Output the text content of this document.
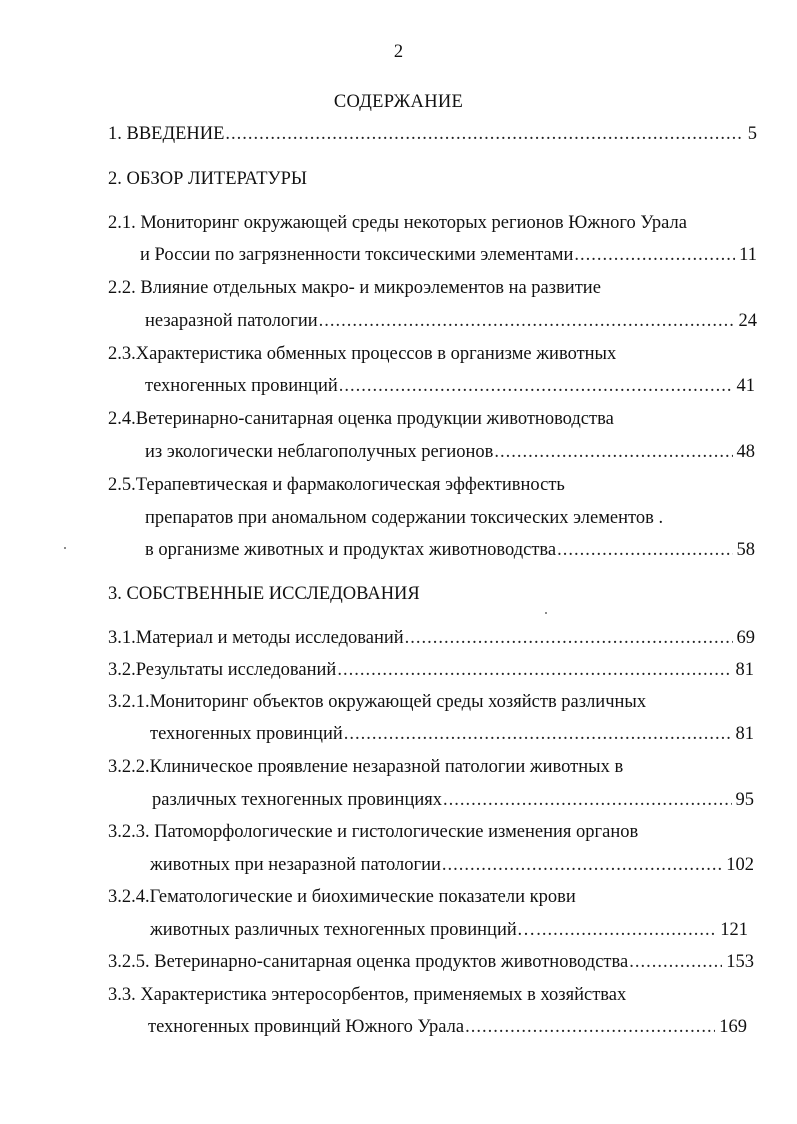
2
СОДЕРЖАНИЕ
1. ВВЕДЕНИЕ .....	5
2. ОБЗОР ЛИТЕРАТУРЫ
2.1. Мониторинг окружающей среды некоторых регионов Южного Урала
и России по загрязненности токсическими элементами .....	11
2.2. Влияние отдельных макро- и микроэлементов на развитие
незаразной патологии .....	24
2.3.Характеристика обменных процессов в организме животных
техногенных провинций .....	41
2.4.Ветеринарно-санитарная оценка продукции животноводства
из экологически неблагополучных регионов .....	48
2.5.Терапевтическая и фармакологическая эффективность
препаратов при аномальном содержании токсических элементов .
в организме животных и продуктах животноводства .....	58
3. СОБСТВЕННЫЕ ИССЛЕДОВАНИЯ
3.1.Материал и методы исследований .....	69
3.2.Результаты исследований .....	81
3.2.1.Мониторинг объектов окружающей среды хозяйств различных
техногенных провинций .....	81
3.2.2.Клиническое проявление незаразной патологии животных в
различных техногенных провинциях .....	95
3.2.3. Патоморфологические и гистологические изменения органов
животных при незаразной патологии .....	102
3.2.4.Гематологические и биохимические показатели крови
животных различных техногенных провинций… .....	121
3.2.5. Ветеринарно-санитарная оценка продуктов животноводства .....	153
3.3. Характеристика энтеросорбентов, применяемых в хозяйствах
техногенных провинций Южного Урала .....	169
